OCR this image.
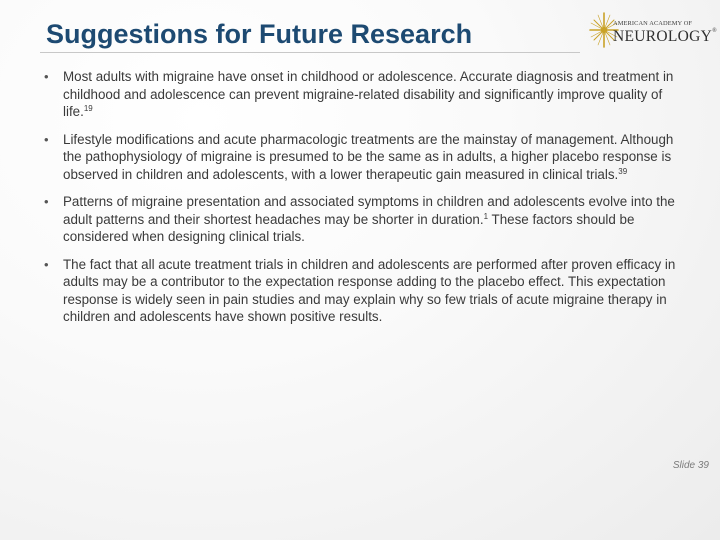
Suggestions for Future Research	AMERICAN ACADEMY OF
NEUROLOGY®
• Most adults with migraine have onset in childhood or adolescence. Accurate diagnosis and treatment in childhood and adolescence can prevent migraine-related disability and significantly improve quality of life.$^{19}$
• Lifestyle modifications and acute pharmacologic treatments are the mainstay of management. Although the pathophysiology of migraine is presumed to be the same as in adults, a higher placebo response is observed in children and adolescents, with a lower therapeutic gain measured in clinical trials.$^{39}$
• Patterns of migraine presentation and associated symptoms in children and adolescents evolve into the adult patterns and their shortest headaches may be shorter in duration.$^1$ These factors should be considered when designing clinical trials.
• The fact that all acute treatment trials in children and adolescents are performed after proven efficacy in adults may be a contributor to the expectation response adding to the placebo effect. This expectation response is widely seen in pain studies and may explain why so few trials of acute migraine therapy in children and adolescents have shown positive results.
Slide 39
